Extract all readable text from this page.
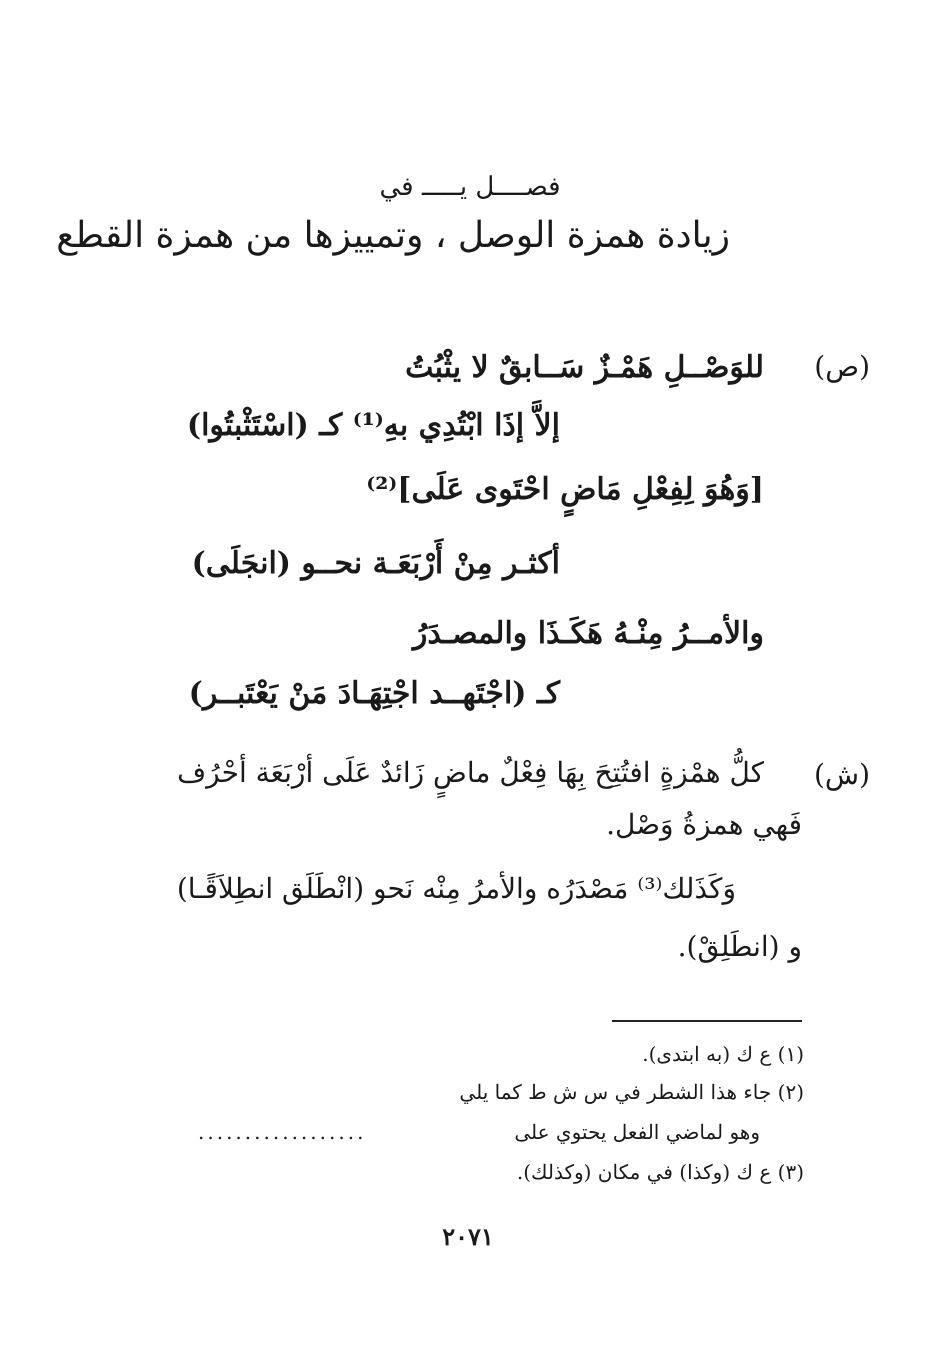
فصــــل يـــــ في
زيادة همزة الوصل ، وتمييزها من همزة القطع
(ص)
للوَصْــلِ هَمْـزٌ سَــابقٌ لا يثْبُتُ
إلاَّ إذَا ابْتُدِي بهِ⁽¹⁾ كـ (اسْتَثْبتُوا)
[وَهُوَ لِفِعْلِ مَاضٍ احْتَوى عَلَى]⁽²⁾
أكثـر مِنْ أَرْبَعَـة نحــو (انجَلَى)
والأمــرُ مِنْـهُ هَكَـذَا والمصـدَرُ
كـ (اجْتَهــد اجْتِهَـادَ مَنْ يَعْتَبــر)
(ش)
كلُّ همْزةٍ افتُتِحَ بِهَا فِعْلٌ ماضٍ زَائدٌ عَلَى أرْبَعَة أحْرُف
فَهي همزةُ وَصْل.
وَكَذَلك⁽³⁾ مَصْدَرُه والأمرُ مِنْه نَحو (انْطَلَق انطِلاَقًـا)
و (انطَلِقْ).
(١) ع ك (به ابتدى).
(٢) جاء هذا الشطر في س ش ط كما يلي
وهو لماضي الفعل يحتوي على
..................
(٣) ع ك (وكذا) في مكان (وكذلك).
٢٠٧١
